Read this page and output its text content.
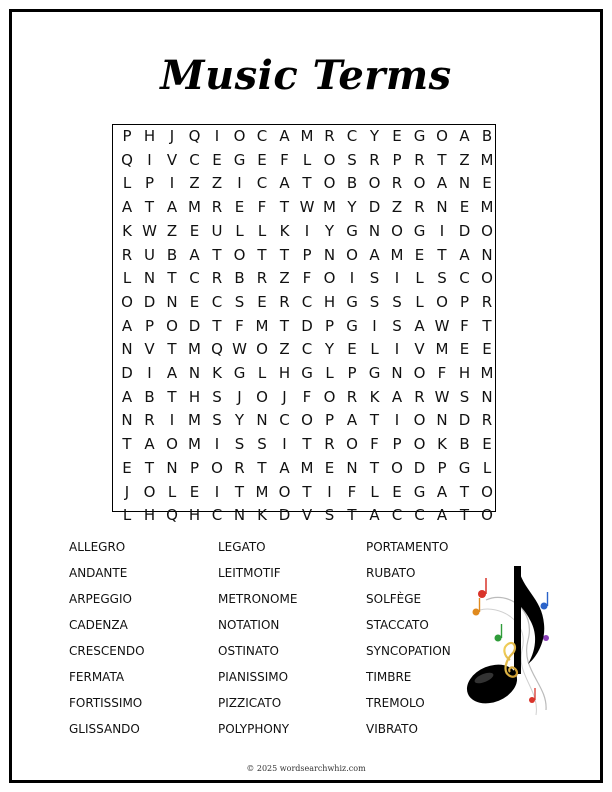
Music Terms
P H J Q I O C A M R C Y E G O A B
Q I	V C E G E F L O S R P R T Z M
L P	I	Z Z	I	C A T O B O R O A N E
A T A M R E F T W M Y D Z R N E M
K W Z E U L L K	I	Y G N O G I D O
R U B A T O T T P N O A M E T A N
L N T C R B R Z F O I	S	I	L S C O
O D N E C S E R C H G S S L O P R
A P O D T F M T D P G I	S A W F T
N V T M Q W O Z C Y E L	I	V M E E
D I	A N K G L H G L P G N O F H M
A B T H S	J O J	F O R K A R W S N
N R	I M S Y N C O P A T	I O N D R
T A O M I	S S	I	T R O F P O K B E
E T N P O R T A M E N T O D P G L
J O L E	I	T M O T	I	F L E G A T O
L H Q H C N K D V S T A C C A T O
ALLEGRO
ANDANTE
ARPEGGIO
CADENZA
CRESCENDO
FERMATA
FORTISSIMO
GLISSANDO
LEGATO
LEITMOTIF
METRONOME
NOTATION
OSTINATO
PIANISSIMO
PIZZICATO
POLYPHONY
PORTAMENTO
RUBATO
SOLFÈGE
STACCATO
SYNCOPATION
TIMBRE
TREMOLO
VIBRATO
© 2025 wordsearchwhiz.com
